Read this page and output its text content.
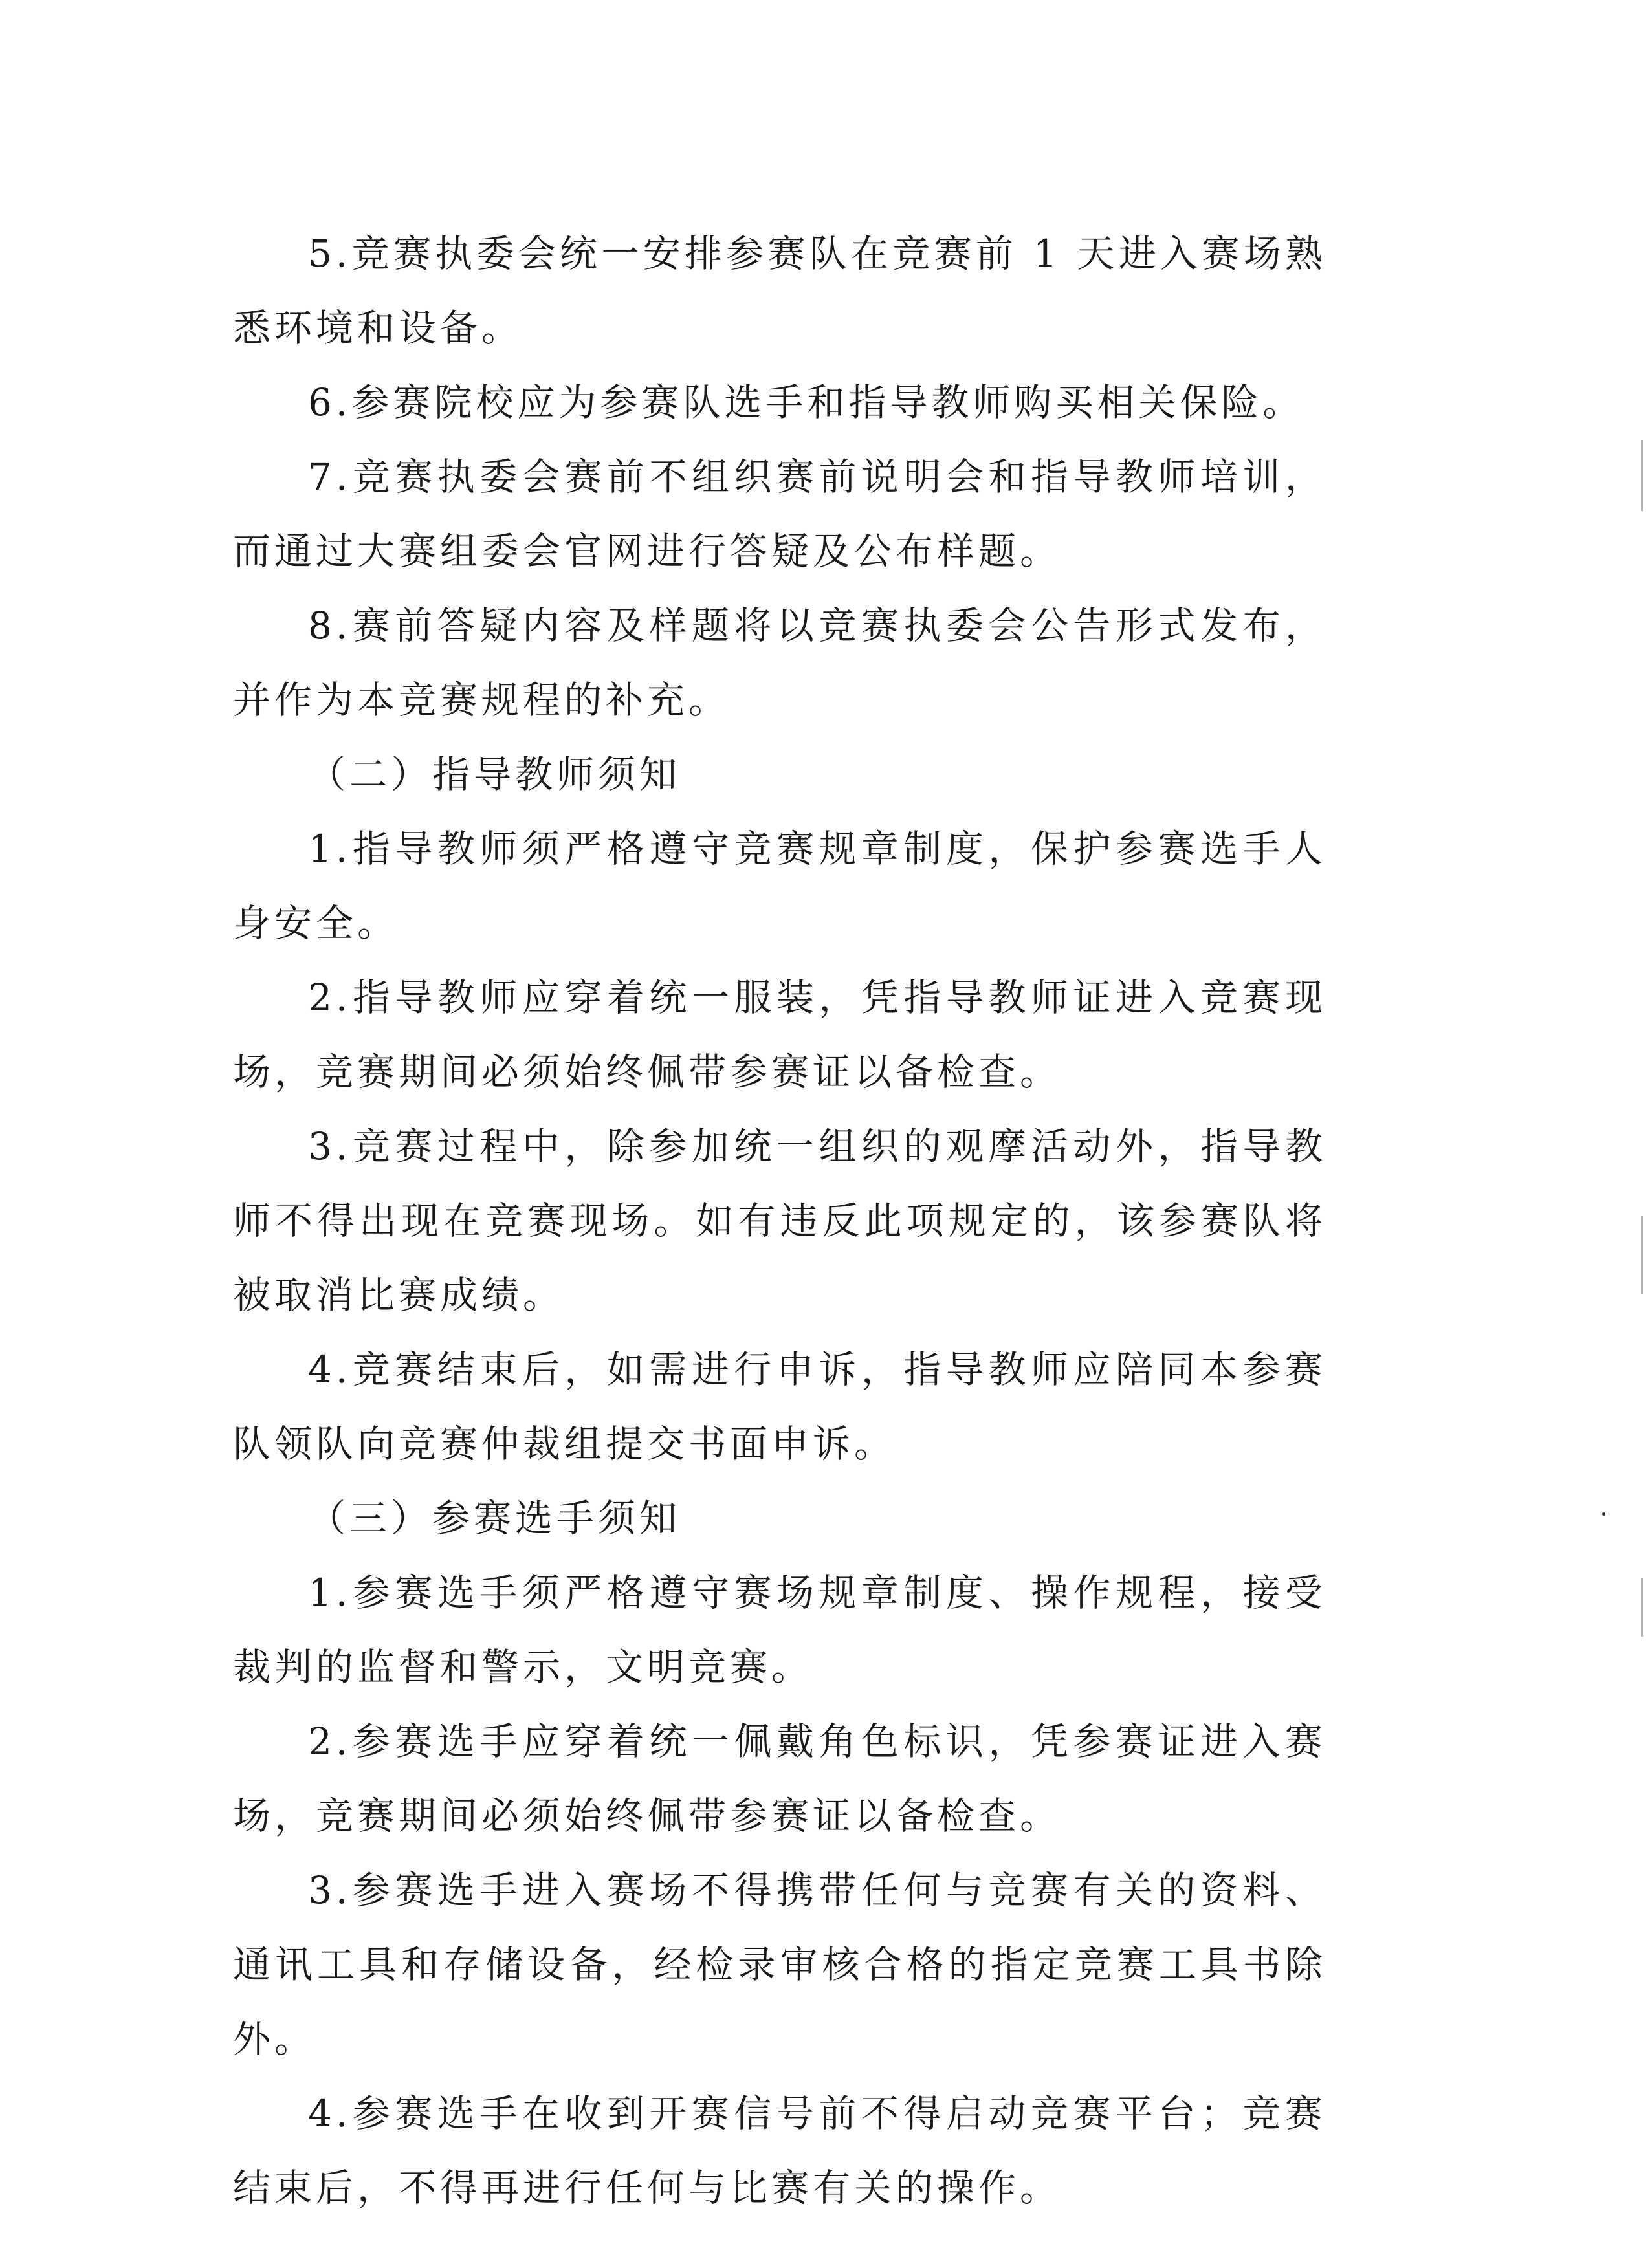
5.竞赛执委会统一安排参赛队在竞赛前 1 天进入赛场熟悉环境和设备。

6.参赛院校应为参赛队选手和指导教师购买相关保险。

7.竞赛执委会赛前不组织赛前说明会和指导教师培训，而通过大赛组委会官网进行答疑及公布样题。

8.赛前答疑内容及样题将以竞赛执委会公告形式发布，并作为本竞赛规程的补充。

（二）指导教师须知

1.指导教师须严格遵守竞赛规章制度，保护参赛选手人身安全。

2.指导教师应穿着统一服装，凭指导教师证进入竞赛现场，竞赛期间必须始终佩带参赛证以备检查。

3.竞赛过程中，除参加统一组织的观摩活动外，指导教师不得出现在竞赛现场。如有违反此项规定的，该参赛队将被取消比赛成绩。

4.竞赛结束后，如需进行申诉，指导教师应陪同本参赛队领队向竞赛仲裁组提交书面申诉。

（三）参赛选手须知

1.参赛选手须严格遵守赛场规章制度、操作规程，接受裁判的监督和警示，文明竞赛。

2.参赛选手应穿着统一佩戴角色标识，凭参赛证进入赛场，竞赛期间必须始终佩带参赛证以备检查。

3.参赛选手进入赛场不得携带任何与竞赛有关的资料、通讯工具和存储设备，经检录审核合格的指定竞赛工具书除外。

4.参赛选手在收到开赛信号前不得启动竞赛平台；竞赛结束后，不得再进行任何与比赛有关的操作。
